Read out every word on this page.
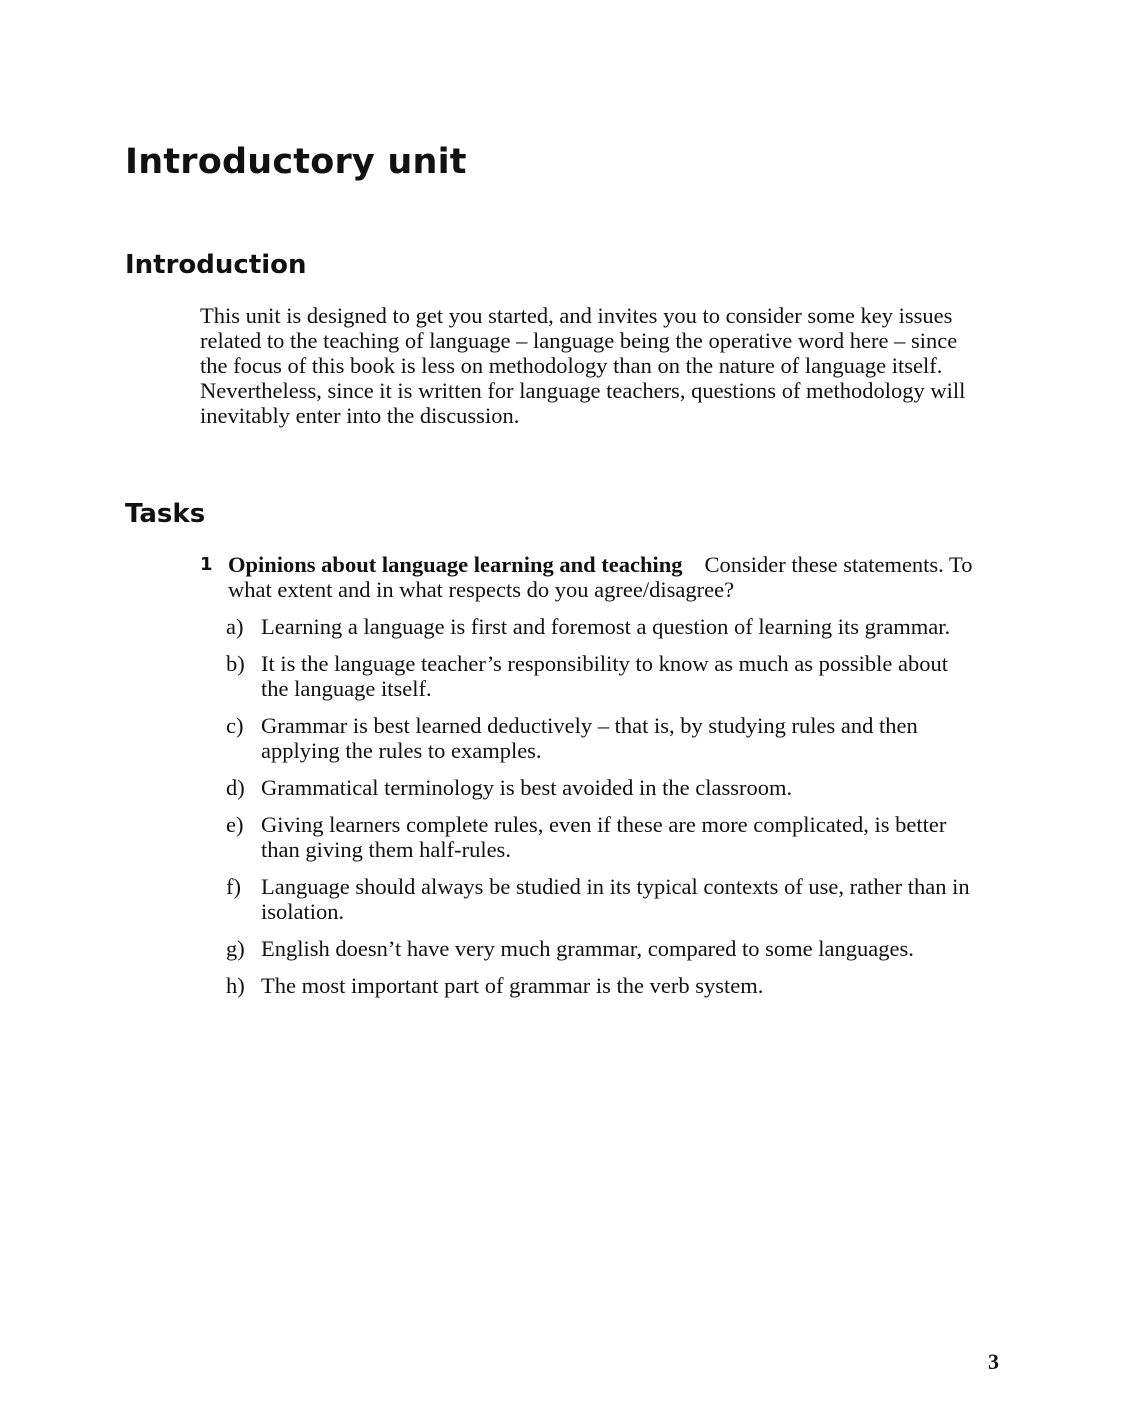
Introductory unit
Introduction

This unit is designed to get you started, and invites you to consider some key issues related to the teaching of language – language being the operative word here – since the focus of this book is less on methodology than on the nature of language itself. Nevertheless, since it is written for language teachers, questions of methodology will inevitably enter into the discussion.

Tasks
1 Opinions about language learning and teaching Consider these statements. To what extent and in what respects do you agree/disagree?
a) Learning a language is first and foremost a question of learning its grammar.
b) It is the language teacher’s responsibility to know as much as possible about the language itself.
c) Grammar is best learned deductively – that is, by studying rules and then applying the rules to examples.
d) Grammatical terminology is best avoided in the classroom.
e) Giving learners complete rules, even if these are more complicated, is better than giving them half-rules.
f) Language should always be studied in its typical contexts of use, rather than in isolation.
g) English doesn’t have very much grammar, compared to some languages.
h) The most important part of grammar is the verb system.
3
